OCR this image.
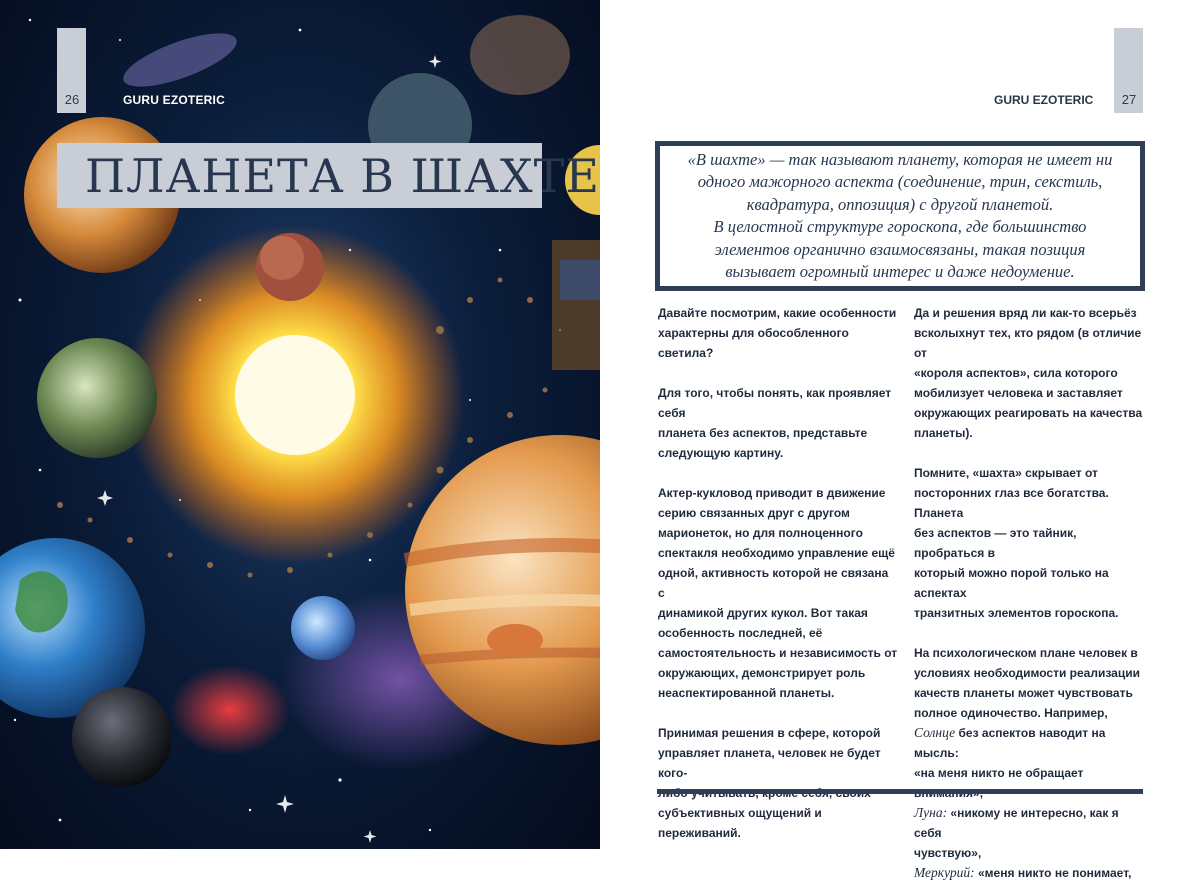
26	GURU EZOTERIC
ПЛАНЕТА В ШАХТЕ
GURU EZOTERIC	27
«В шахте» — так называют планету, которая не имеет ни
одного мажорного аспекта (соединение, трин, секстиль,
квадратура, оппозиция) с другой планетой.
В целостной структуре гороскопа, где большинство
элементов органично взаимосвязаны, такая позиция
вызывает огромный интерес и даже недоумение.

Давайте посмотрим, какие особенности
характерны для обособленного светила?

Для того, чтобы понять, как проявляет себя
планета без аспектов, представьте
следующую картину.

Актер-кукловод приводит в движение
серию связанных друг с другом
марионеток, но для полноценного
спектакля необходимо управление ещё
одной, активность которой не связана с
динамикой других кукол. Вот такая
особенность последней, её
самостоятельность и независимость от
окружающих, демонстрирует роль
неаспектированной планеты.

Принимая решения в сфере, которой
управляет планета, человек не будет кого-

субъективных ощущений и переживаний.

Да и решения вряд ли как-то всерьёз
всколыхнут тех, кто рядом (в отличие от
«короля аспектов», сила которого
мобилизует человека и заставляет
окружающих реагировать на качества
планеты).

Помните, «шахта» скрывает от
посторонних глаз все богатства. Планета
без аспектов — это тайник, пробраться в
который можно порой только на аспектах
транзитных элементов гороскопа.

На психологическом плане человек в
условиях необходимости реализации
качеств планеты может чувствовать
полное одиночество. Например,
Солнце без аспектов наводит на мысль:
«на меня никто не обращает
Луна: «никому не интересно, как я себя
чувствую»,
Меркурий: «меня никто не понимает,
